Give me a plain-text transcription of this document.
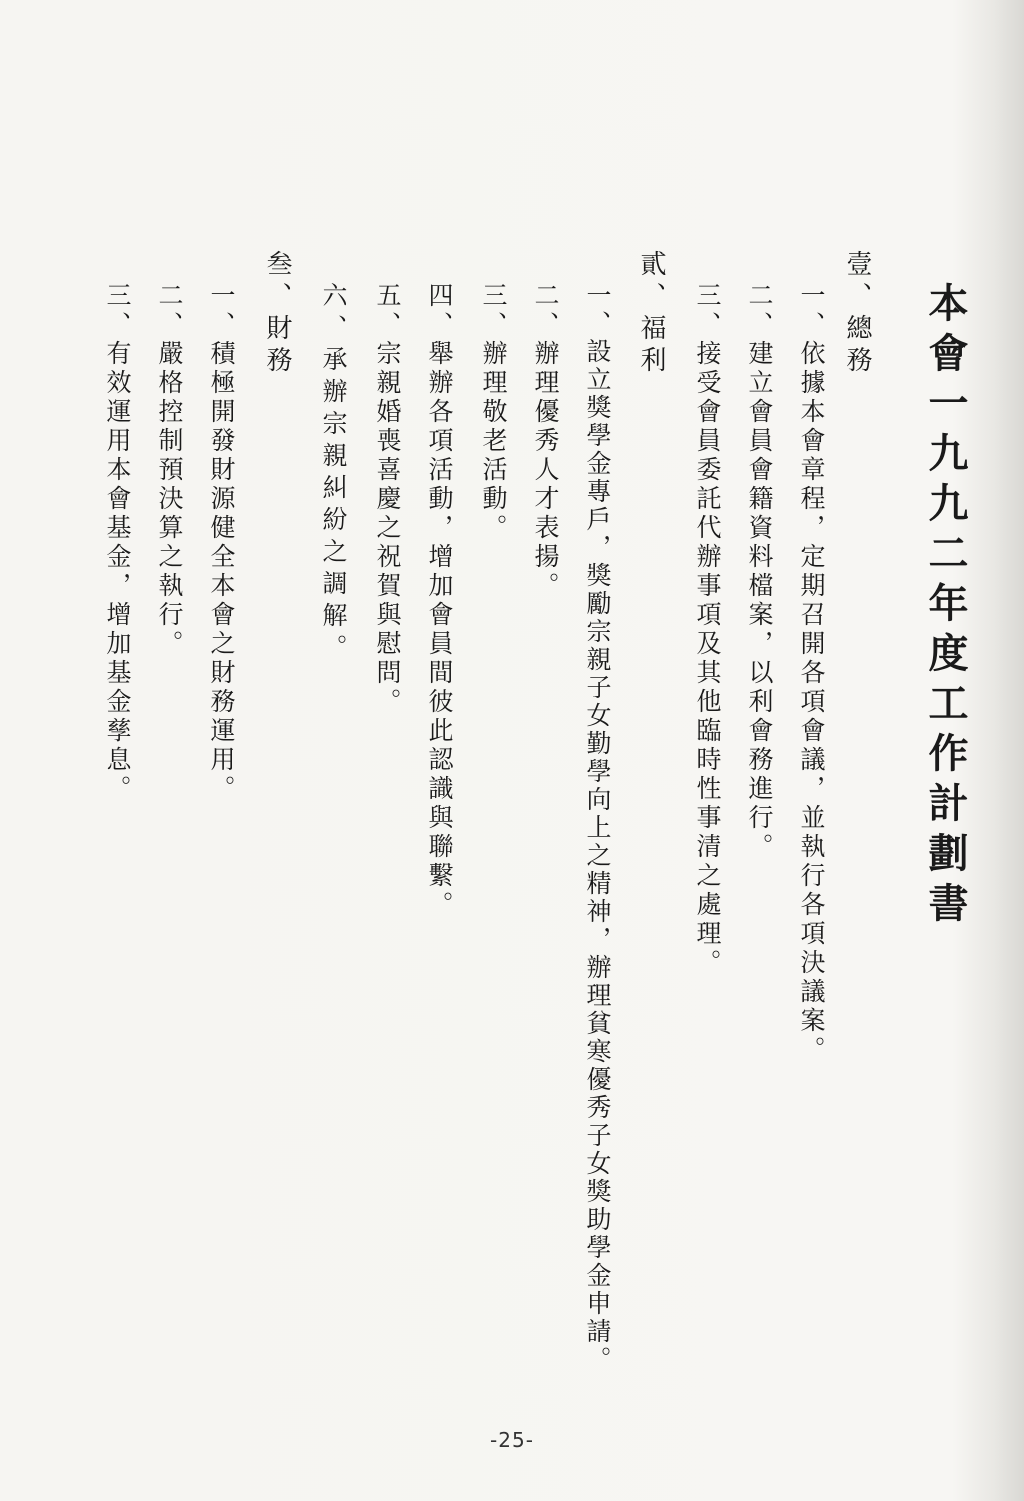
本會一九九二年度工作計劃書
壹、總務
一、依據本會章程，定期召開各項會議，並執行各項決議案。
二、建立會員會籍資料檔案，以利會務進行。
三、接受會員委託代辦事項及其他臨時性事清之處理。
貳、福利
一、設立獎學金專戶，獎勵宗親子女勤學向上之精神，辦理貧寒優秀子女獎助學金申請。
二、辦理優秀人才表揚。
三、辦理敬老活動。
四、舉辦各項活動，增加會員間彼此認識與聯繫。
五、宗親婚喪喜慶之祝賀與慰問。
六、承辦宗親糾紛之調解。
叁、財務
一、積極開發財源健全本會之財務運用。
二、嚴格控制預決算之執行。
三、有效運用本會基金，增加基金孳息。
-25-
